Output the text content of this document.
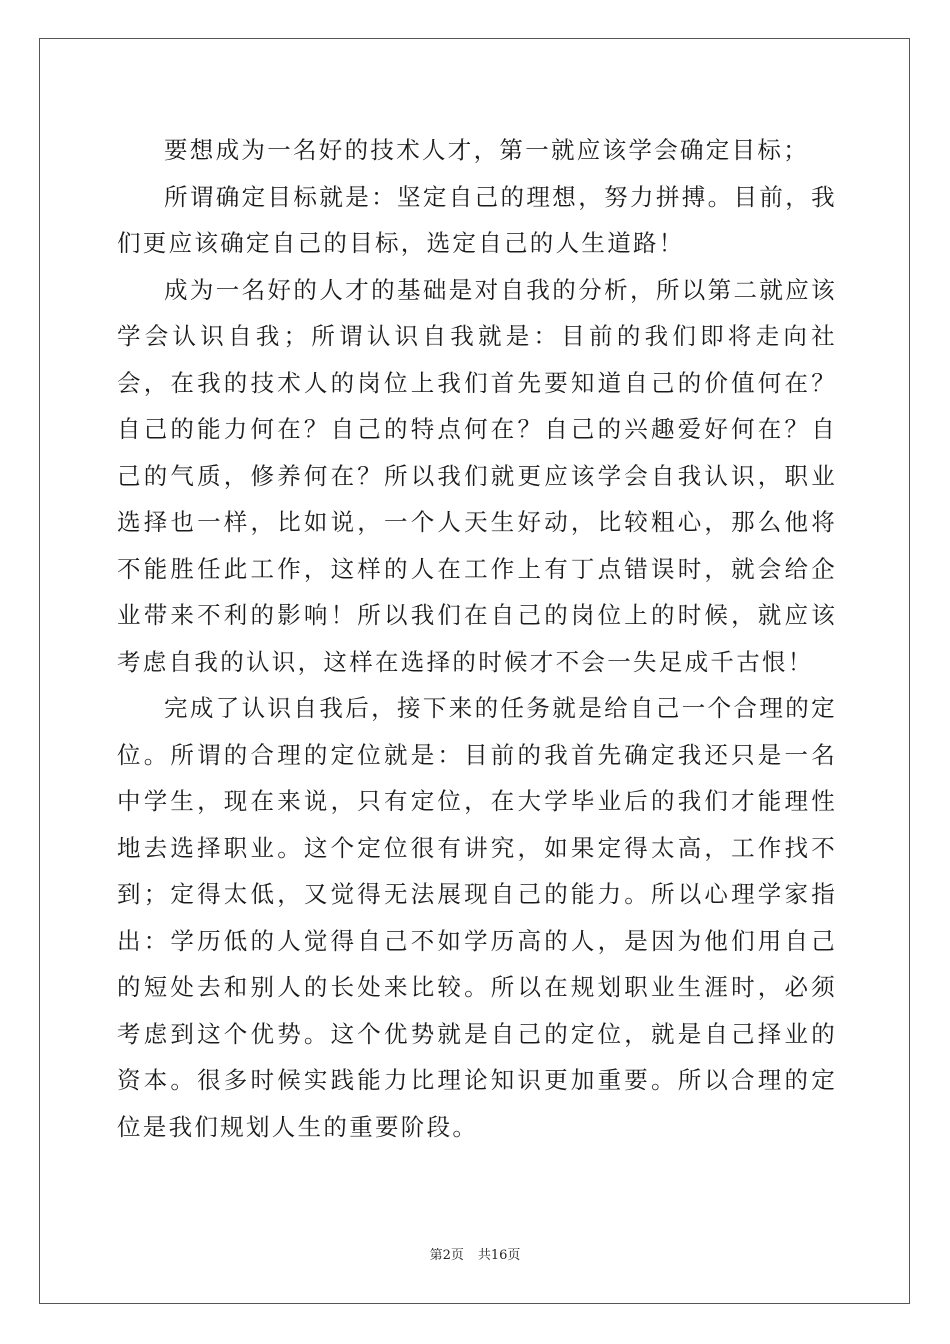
要想成为一名好的技术人才，第一就应该学会确定目标；

所谓确定目标就是：坚定自己的理想，努力拼搏。目前，我们更应该确定自己的目标，选定自己的人生道路！

成为一名好的人才的基础是对自我的分析，所以第二就应该学会认识自我；所谓认识自我就是：目前的我们即将走向社会，在我的技术人的岗位上我们首先要知道自己的价值何在？自己的能力何在？自己的特点何在？自己的兴趣爱好何在？自己的气质，修养何在？所以我们就更应该学会自我认识，职业选择也一样，比如说，一个人天生好动，比较粗心，那么他将不能胜任此工作，这样的人在工作上有丁点错误时，就会给企业带来不利的影响！所以我们在自己的岗位上的时候，就应该考虑自我的认识，这样在选择的时候才不会一失足成千古恨！

完成了认识自我后，接下来的任务就是给自己一个合理的定位。所谓的合理的定位就是：目前的我首先确定我还只是一名中学生，现在来说，只有定位，在大学毕业后的我们才能理性地去选择职业。这个定位很有讲究，如果定得太高，工作找不到；定得太低，又觉得无法展现自己的能力。所以心理学家指出：学历低的人觉得自己不如学历高的人，是因为他们用自己的短处去和别人的长处来比较。所以在规划职业生涯时，必须考虑到这个优势。这个优势就是自己的定位，就是自己择业的资本。很多时候实践能力比理论知识更加重要。所以合理的定位是我们规划人生的重要阶段。

第2页 共16页
